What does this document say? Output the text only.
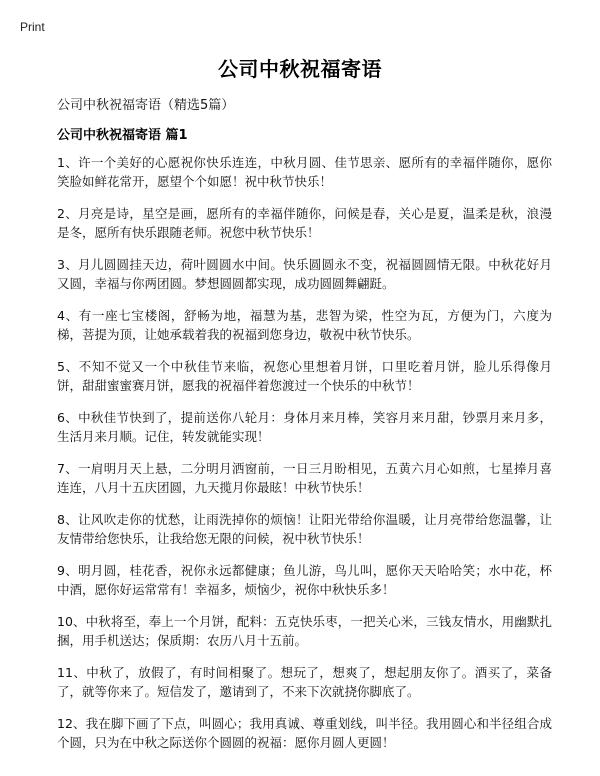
Print
公司中秋祝福寄语
公司中秋祝福寄语（精选5篇）
公司中秋祝福寄语 篇1

1、许一个美好的心愿祝你快乐连连，中秋月圆、佳节思亲、愿所有的幸福伴随你，愿你笑脸如鲜花常开，愿望个个如愿！祝中秋节快乐！

2、月亮是诗，星空是画，愿所有的幸福伴随你，问候是春，关心是夏，温柔是秋，浪漫是冬，愿所有快乐跟随老师。祝您中秋节快乐！

3、月儿圆圆挂天边，荷叶圆圆水中间。快乐圆圆永不变，祝福圆圆情无限。中秋花好月又圆，幸福与你两团圆。梦想圆圆都实现，成功圆圆舞翩跹。

4、有一座七宝楼阁，舒畅为地，福慧为基，悲智为梁，性空为瓦，方便为门，六度为梯，菩提为顶，让她承载着我的祝福到您身边，敬祝中秋节快乐。

5、不知不觉又一个中秋佳节来临，祝您心里想着月饼，口里吃着月饼，脸儿乐得像月饼，甜甜蜜蜜赛月饼，愿我的祝福伴着您渡过一个快乐的中秋节！

6、中秋佳节快到了，提前送你八轮月：身体月来月棒，笑容月来月甜，钞票月来月多，生活月来月顺。记住，转发就能实现！

7、一肩明月天上悬，二分明月洒窗前，一日三月盼相见，五黄六月心如煎，七星捧月喜连连，八月十五庆团圆，九天揽月你最眩！中秋节快乐！

8、让风吹走你的忧愁，让雨洗掉你的烦恼！让阳光带给你温暖，让月亮带给您温馨，让友情带给您快乐，让我给您无限的问候，祝中秋节快乐！

9、明月圆，桂花香，祝你永远都健康；鱼儿游，鸟儿叫，愿你天天哈哈笑；水中花，杯中酒，愿你好运常常有！幸福多，烦恼少，祝你中秋快乐多！

10、中秋将至，奉上一个月饼，配料：五克快乐枣，一把关心米，三钱友情水，用幽默扎捆，用手机送达；保质期：农历八月十五前。

11、中秋了，放假了，有时间相聚了。想玩了，想爽了，想起朋友你了。酒买了，菜备了，就等你来了。短信发了，邀请到了，不来下次就挠你脚底了。

12、我在脚下画了下点，叫圆心；我用真诚、尊重划线，叫半径。我用圆心和半径组合成个圆，只为在中秋之际送你个圆圆的祝福：愿你月圆人更圆！
